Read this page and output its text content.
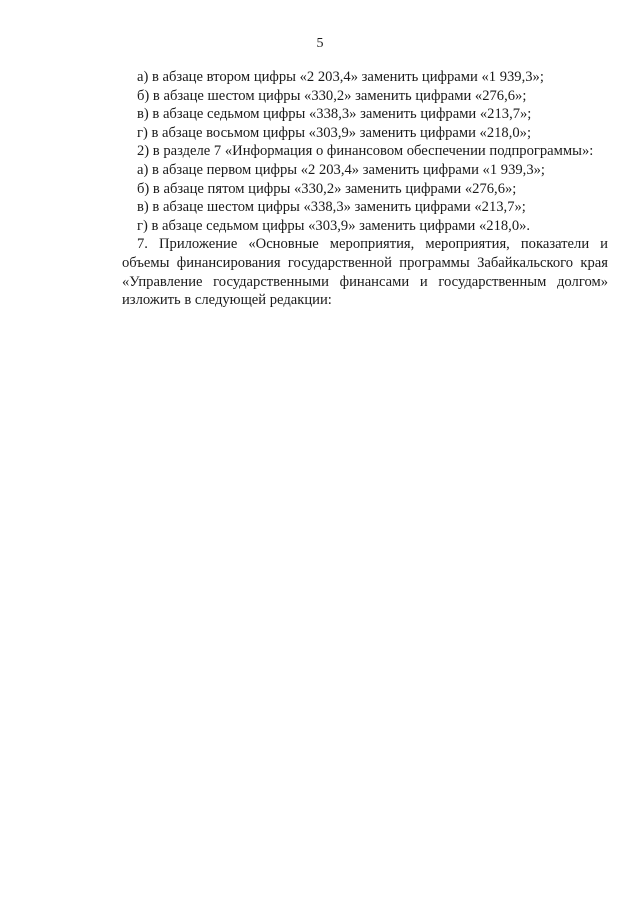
5
а) в абзаце втором цифры «2 203,4» заменить цифрами «1 939,3»;
б) в абзаце шестом цифры «330,2» заменить цифрами «276,6»;
в) в абзаце седьмом цифры «338,3» заменить цифрами «213,7»;
г) в абзаце восьмом цифры «303,9» заменить цифрами «218,0»;
2) в разделе 7 «Информация о финансовом обеспечении подпрограммы»:
а) в абзаце первом цифры «2 203,4» заменить цифрами «1 939,3»;
б) в абзаце пятом цифры «330,2» заменить цифрами «276,6»;
в) в абзаце шестом цифры «338,3» заменить цифрами «213,7»;
г) в абзаце седьмом цифры «303,9» заменить цифрами «218,0».

7. Приложение «Основные мероприятия, мероприятия, показатели и объемы финансирования государственной программы Забайкальского края «Управление государственными финансами и государственным долгом» изложить в следующей редакции:
